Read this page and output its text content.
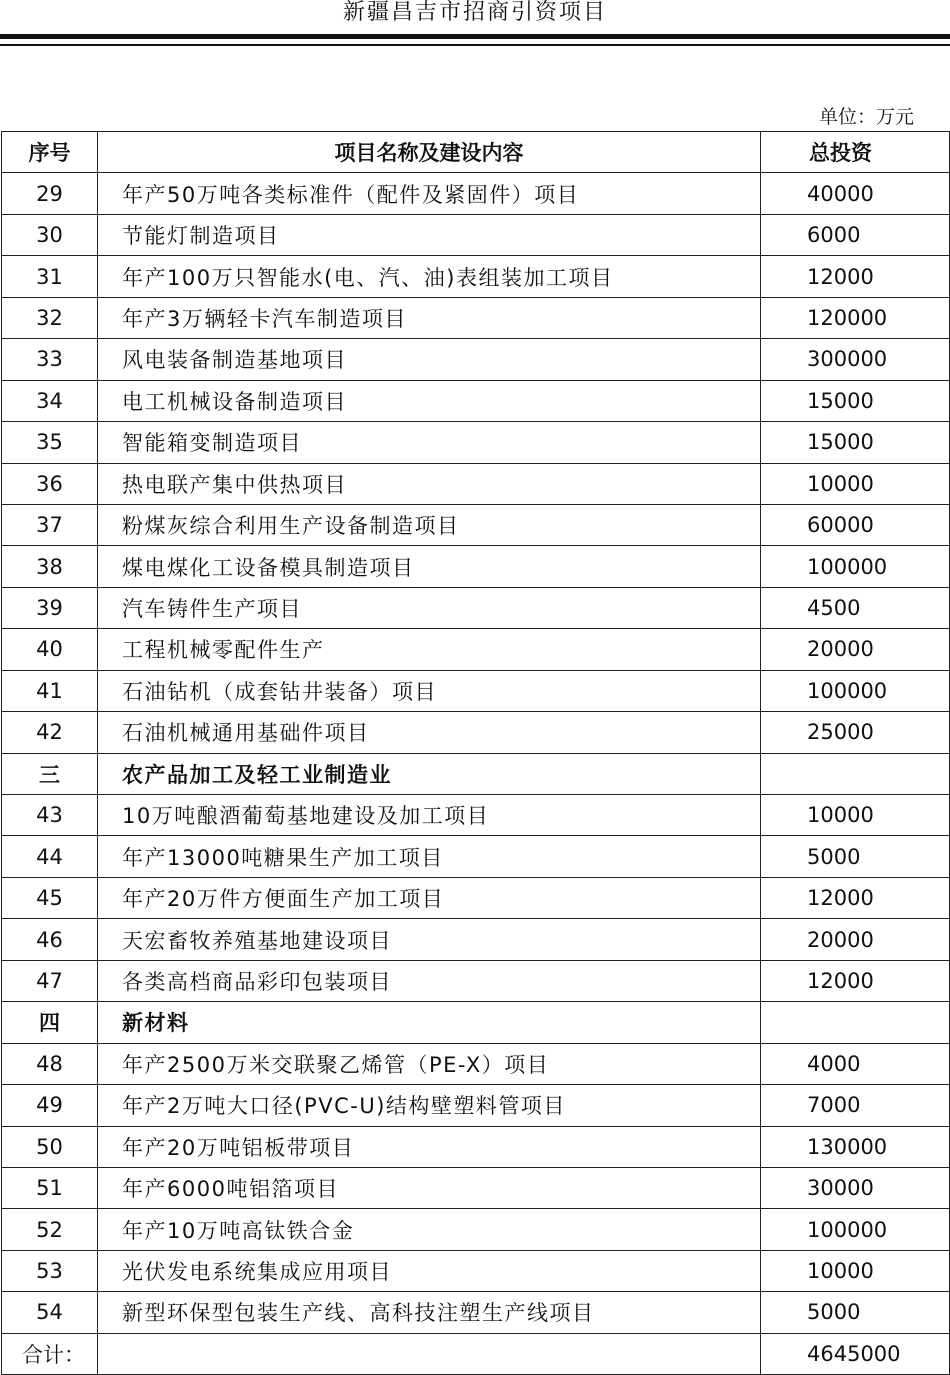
新疆昌吉市招商引资项目
单位：万元
序号	项目名称及建设内容	总投资
29	年产50万吨各类标准件（配件及紧固件）项目	40000
30	节能灯制造项目	6000
31	年产100万只智能水(电、汽、油)表组装加工项目	12000
32	年产3万辆轻卡汽车制造项目	120000
33	风电装备制造基地项目	300000
34	电工机械设备制造项目	15000
35	智能箱变制造项目	15000
36	热电联产集中供热项目	10000
37	粉煤灰综合利用生产设备制造项目	60000
38	煤电煤化工设备模具制造项目	100000
39	汽车铸件生产项目	4500
40	工程机械零配件生产	20000
41	石油钻机（成套钻井装备）项目	100000
42	石油机械通用基础件项目	25000
三	农产品加工及轻工业制造业	
43	10万吨酿酒葡萄基地建设及加工项目	10000
44	年产13000吨糖果生产加工项目	5000
45	年产20万件方便面生产加工项目	12000
46	天宏畜牧养殖基地建设项目	20000
47	各类高档商品彩印包装项目	12000
四	新材料	
48	年产2500万米交联聚乙烯管（PE-X）项目	4000
49	年产2万吨大口径(PVC-U)结构壁塑料管项目	7000
50	年产20万吨铝板带项目	130000
51	年产6000吨铝箔项目	30000
52	年产10万吨高钛铁合金	100000
53	光伏发电系统集成应用项目	10000
54	新型环保型包装生产线、高科技注塑生产线项目	5000
合计：		4645000
